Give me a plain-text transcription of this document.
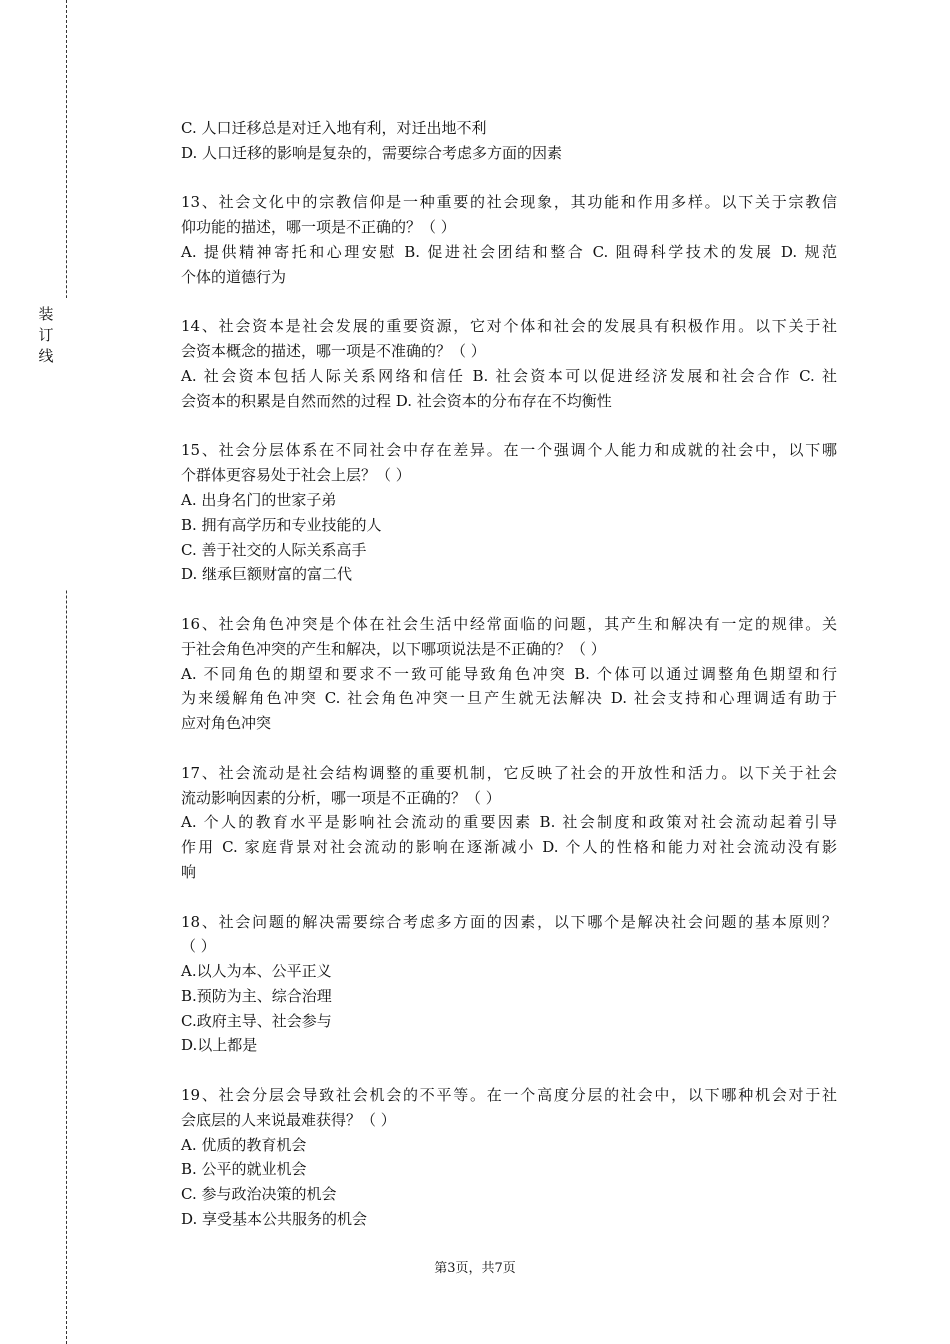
装
订
线
C. 人口迁移总是对迁入地有利，对迁出地不利
D. 人口迁移的影响是复杂的，需要综合考虑多方面的因素
13、社会文化中的宗教信仰是一种重要的社会现象，其功能和作用多样。以下关于宗教信
仰功能的描述，哪一项是不正确的？（ ）
A. 提供精神寄托和心理安慰 B. 促进社会团结和整合 C. 阻碍科学技术的发展 D. 规范
个体的道德行为
14、社会资本是社会发展的重要资源，它对个体和社会的发展具有积极作用。以下关于社
会资本概念的描述，哪一项是不准确的？（ ）
A. 社会资本包括人际关系网络和信任 B. 社会资本可以促进经济发展和社会合作 C. 社
会资本的积累是自然而然的过程 D. 社会资本的分布存在不均衡性
15、社会分层体系在不同社会中存在差异。在一个强调个人能力和成就的社会中，以下哪
个群体更容易处于社会上层？（ ）
A. 出身名门的世家子弟
B. 拥有高学历和专业技能的人
C. 善于社交的人际关系高手
D. 继承巨额财富的富二代
16、社会角色冲突是个体在社会生活中经常面临的问题，其产生和解决有一定的规律。关
于社会角色冲突的产生和解决，以下哪项说法是不正确的？（ ）
A. 不同角色的期望和要求不一致可能导致角色冲突 B. 个体可以通过调整角色期望和行
为来缓解角色冲突 C. 社会角色冲突一旦产生就无法解决 D. 社会支持和心理调适有助于
应对角色冲突
17、社会流动是社会结构调整的重要机制，它反映了社会的开放性和活力。以下关于社会
流动影响因素的分析，哪一项是不正确的？（ ）
A. 个人的教育水平是影响社会流动的重要因素 B. 社会制度和政策对社会流动起着引导
作用 C. 家庭背景对社会流动的影响在逐渐减小 D. 个人的性格和能力对社会流动没有影
响
18、社会问题的解决需要综合考虑多方面的因素，以下哪个是解决社会问题的基本原则？
（ ）
A.以人为本、公平正义
B.预防为主、综合治理
C.政府主导、社会参与
D.以上都是
19、社会分层会导致社会机会的不平等。在一个高度分层的社会中，以下哪种机会对于社
会底层的人来说最难获得？（ ）
A. 优质的教育机会
B. 公平的就业机会
C. 参与政治决策的机会
D. 享受基本公共服务的机会
第3页，共7页
